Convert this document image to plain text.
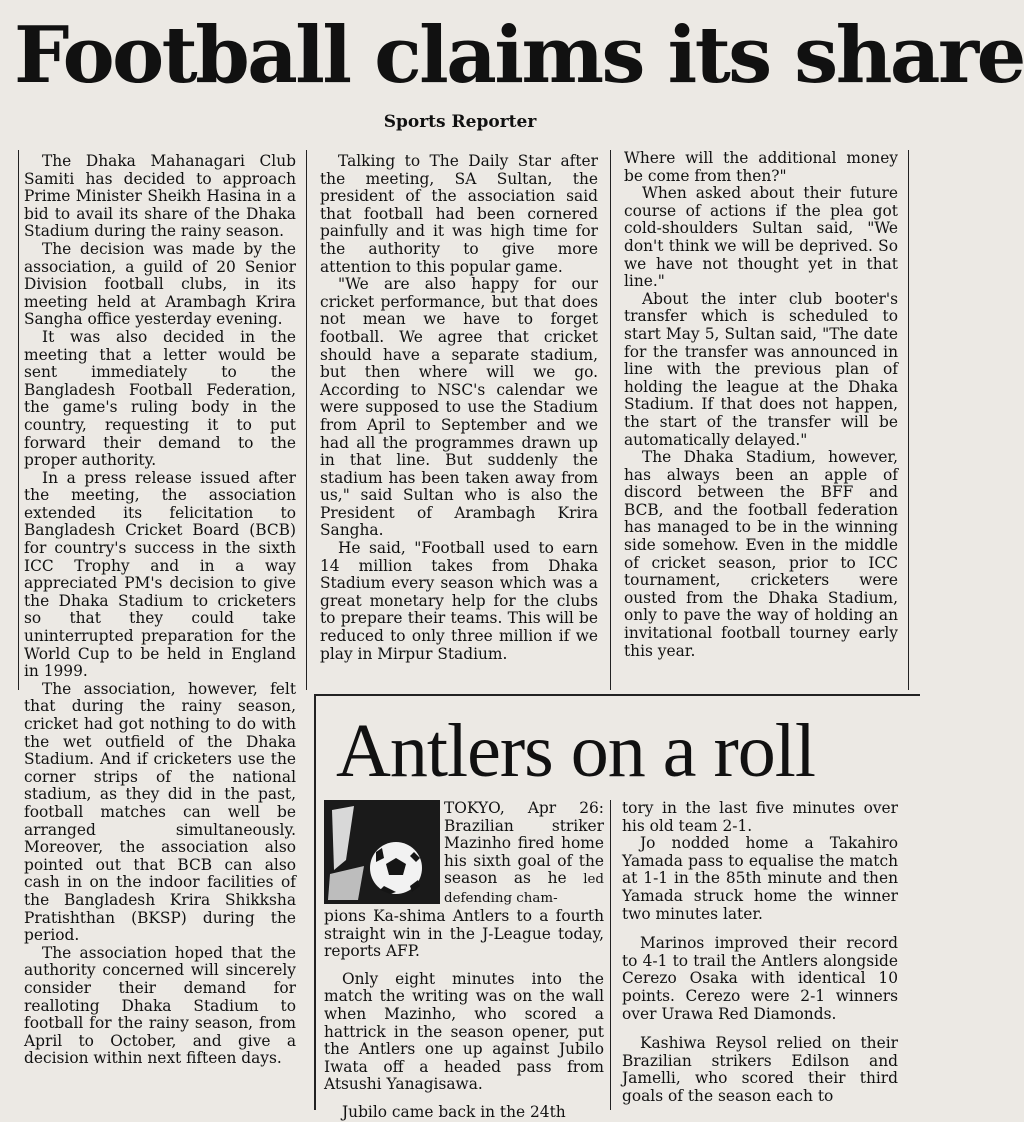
Football claims its share
Sports Reporter

The Dhaka Mahanagari Club Samiti has decided to approach Prime Minister Sheikh Hasina in a bid to avail its share of the Dhaka Stadium during the rainy season.

The decision was made by the association, a guild of 20 Senior Division football clubs, in its meeting held at Arambagh Krira Sangha office yesterday evening.

It was also decided in the meeting that a letter would be sent immediately to the Bangladesh Football Federation, the game's ruling body in the country, requesting it to put forward their demand to the proper authority.

In a press release issued after the meeting, the association extended its felicitation to Bangladesh Cricket Board (BCB) for country's success in the sixth ICC Trophy and in a way appreciated PM's decision to give the Dhaka Stadium to cricketers so that they could take uninterrupted preparation for the World Cup to be held in England in 1999.

The association, however, felt that during the rainy season, cricket had got nothing to do with the wet outfield of the Dhaka Stadium. And if cricketers use the corner strips of the national stadium, as they did in the past, football matches can well be arranged simultaneously. Moreover, the association also pointed out that BCB can also cash in on the indoor facilities of the Bangladesh Krira Shikksha Pratishthan (BKSP) during the period.

The association hoped that the authority concerned will sincerely consider their demand for realloting Dhaka Stadium to football for the rainy season, from April to October, and give a decision within next fifteen days.

Talking to The Daily Star after the meeting, SA Sultan, the president of the association said that football had been cornered painfully and it was high time for the authority to give more attention to this popular game.

"We are also happy for our cricket performance, but that does not mean we have to forget football. We agree that cricket should have a separate stadium, but then where will we go. According to NSC's calendar we were supposed to use the Stadium from April to September and we had all the programmes drawn up in that line. But suddenly the stadium has been taken away from us," said Sultan who is also the President of Arambagh Krira Sangha.

He said, "Football used to earn 14 million takes from Dhaka Stadium every season which was a great monetary help for the clubs to prepare their teams. This will be reduced to only three million if we play in Mirpur Stadium.

Where will the additional money be come from then?"

When asked about their future course of actions if the plea got cold-shoulders Sultan said, "We don't think we will be deprived. So we have not thought yet in that line."

About the inter club booter's transfer which is scheduled to start May 5, Sultan said, "The date for the transfer was announced in line with the previous plan of holding the league at the Dhaka Stadium. If that does not happen, the start of the transfer will be automatically delayed."

The Dhaka Stadium, however, has always been an apple of discord between the BFF and BCB, and the football federation has managed to be in the winning side somehow. Even in the middle of cricket season, prior to ICC tournament, cricketers were ousted from the Dhaka Stadium, only to pave the way of holding an invitational football tourney early this year.

Antlers on a roll

TOKYO, Apr 26: Brazilian striker Mazinho fired home his sixth goal of the season as he led defending cham-

pions Ka-shima Antlers to a fourth straight win in the J-League today, reports AFP.

Only eight minutes into the match the writing was on the wall when Mazinho, who scored a hattrick in the season opener, put the Antlers one up against Jubilo Iwata off a headed pass from Atsushi Yanagisawa.

Jubilo came back in the 24th

tory in the last five minutes over his old team 2-1.

Jo nodded home a Takahiro Yamada pass to equalise the match at 1-1 in the 85th minute and then Yamada struck home the winner two minutes later.

Marinos improved their record to 4-1 to trail the Antlers alongside Cerezo Osaka with identical 10 points. Cerezo were 2-1 winners over Urawa Red Diamonds.

Kashiwa Reysol relied on their Brazilian strikers Edilson and Jamelli, who scored their third goals of the season each to
